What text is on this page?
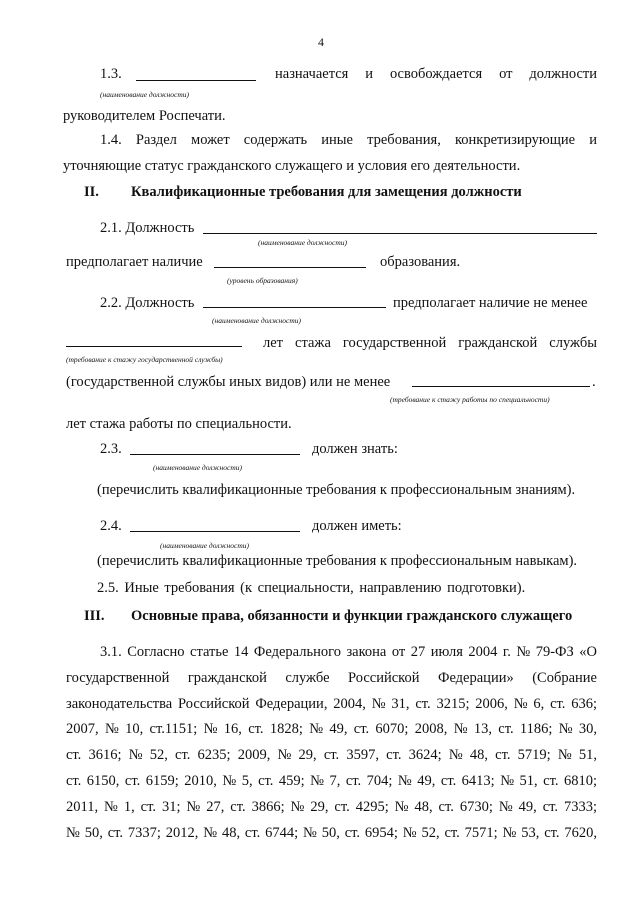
4
1.3.	назначается и освобождается от должности
(наименование должности)
руководителем Роспечати.
1.4. Раздел может содержать иные требования, конкретизирующие и
уточняющие статус гражданского служащего и условия его деятельности.
II. Квалификационные требования для замещения должности
2.1. Должность
(наименование должности)
предполагает наличие	образования.
(уровень образования)
2.2. Должность	предполагает наличие не менее
(наименование должности)
лет стажа государственной гражданской службы
(требование к стажу государственной службы)
(государственной службы иных видов) или не менее	.
(требование к стажу работы по специальности)
лет стажа работы по специальности.
2.3.	должен знать:
(наименование должности)
(перечислить квалификационные требования к профессиональным знаниям).
2.4.	должен иметь:
(наименование должности)
(перечислить квалификационные требования к профессиональным навыкам).
2.5. Иные требования (к специальности, направлению подготовки).
III. Основные права, обязанности и функции гражданского служащего
3.1. Согласно статье 14 Федерального закона от 27 июля 2004 г. № 79-ФЗ «О
государственной гражданской службе Российской Федерации» (Собрание
законодательства Российской Федерации, 2004, № 31, ст. 3215; 2006, № 6, ст. 636;
2007, № 10, ст.1151; № 16, ст. 1828; № 49, ст. 6070; 2008, № 13, ст. 1186; № 30,
ст. 3616; № 52, ст. 6235; 2009, № 29, ст. 3597, ст. 3624; № 48, ст. 5719; № 51,
ст. 6150, ст. 6159; 2010, № 5, ст. 459; № 7, ст. 704; № 49, ст. 6413; № 51, ст. 6810;
2011, № 1, ст. 31; № 27, ст. 3866; № 29, ст. 4295; № 48, ст. 6730; № 49, ст. 7333;
№ 50, ст. 7337; 2012, № 48, ст. 6744; № 50, ст. 6954; № 52, ст. 7571; № 53, ст. 7620,
